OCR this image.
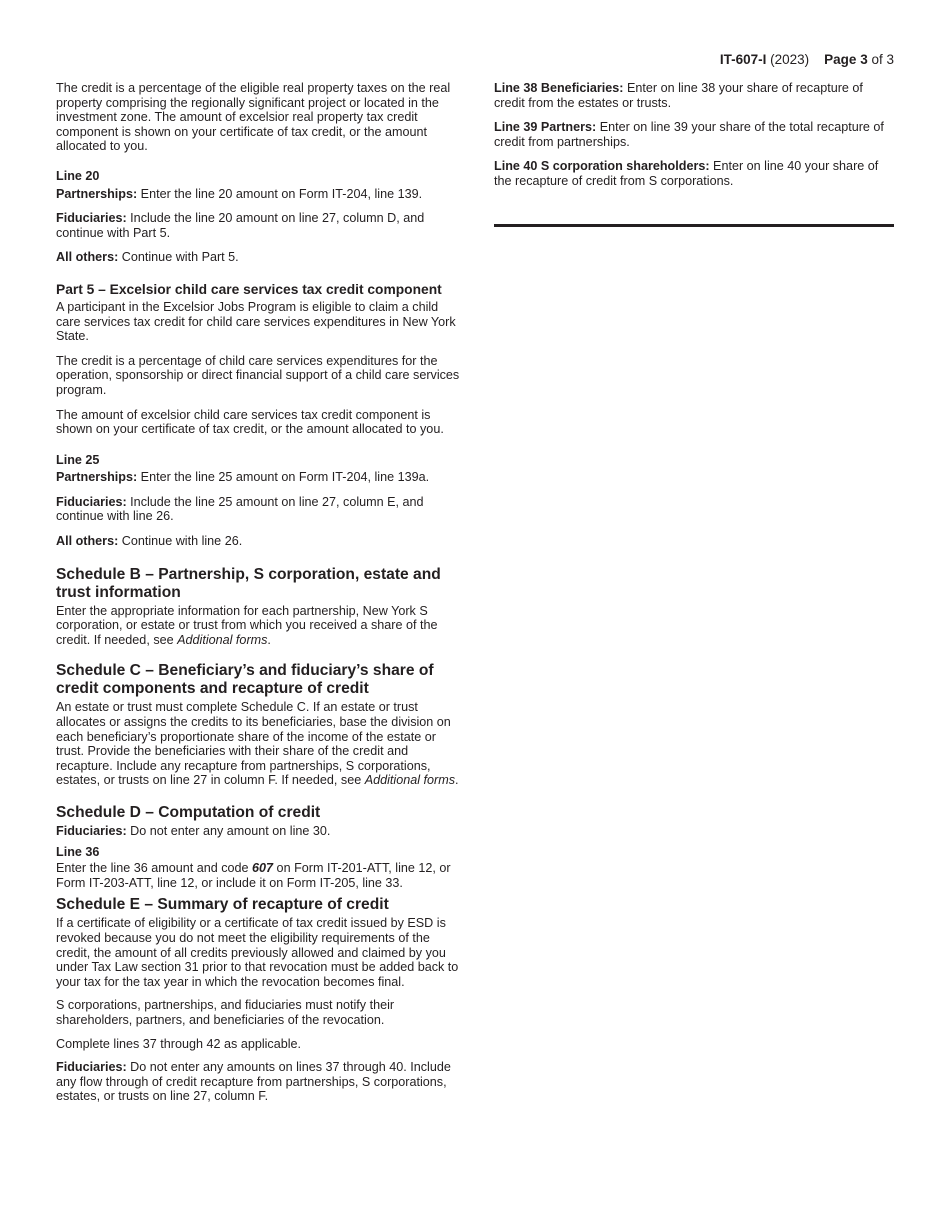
IT-607-I (2023) Page 3 of 3

The credit is a percentage of the eligible real property taxes on the real property comprising the regionally significant project or located in the investment zone. The amount of excelsior real property tax credit component is shown on your certificate of tax credit, or the amount allocated to you.

Line 20

Partnerships: Enter the line 20 amount on Form IT-204, line 139.

Fiduciaries: Include the line 20 amount on line 27, column D, and continue with Part 5.

All others: Continue with Part 5.

Part 5 – Excelsior child care services tax credit component

A participant in the Excelsior Jobs Program is eligible to claim a child care services tax credit for child care services expenditures in New York State.

The credit is a percentage of child care services expenditures for the operation, sponsorship or direct financial support of a child care services program.

The amount of excelsior child care services tax credit component is shown on your certificate of tax credit, or the amount allocated to you.

Line 25

Partnerships: Enter the line 25 amount on Form IT-204, line 139a.

Fiduciaries: Include the line 25 amount on line 27, column E, and continue with line 26.

All others: Continue with line 26.

Schedule B – Partnership, S corporation, estate and trust information

Enter the appropriate information for each partnership, New York S corporation, or estate or trust from which you received a share of the credit. If needed, see Additional forms.

Schedule C – Beneficiary’s and fiduciary’s share of credit components and recapture of credit

An estate or trust must complete Schedule C. If an estate or trust allocates or assigns the credits to its beneficiaries, base the division on each beneficiary’s proportionate share of the income of the estate or trust. Provide the beneficiaries with their share of the credit and recapture. Include any recapture from partnerships, S corporations, estates, or trusts on line 27 in column F. If needed, see Additional forms.

Schedule D – Computation of credit

Fiduciaries: Do not enter any amount on line 30.

Line 36

Enter the line 36 amount and code 607 on Form IT-201-ATT, line 12, or Form IT-203-ATT, line 12, or include it on Form IT-205, line 33.

Schedule E – Summary of recapture of credit

If a certificate of eligibility or a certificate of tax credit issued by ESD is revoked because you do not meet the eligibility requirements of the credit, the amount of all credits previously allowed and claimed by you under Tax Law section 31 prior to that revocation must be added back to your tax for the tax year in which the revocation becomes final.

S corporations, partnerships, and fiduciaries must notify their shareholders, partners, and beneficiaries of the revocation.

Complete lines 37 through 42 as applicable.

Fiduciaries: Do not enter any amounts on lines 37 through 40. Include any flow through of credit recapture from partnerships, S corporations, estates, or trusts on line 27, column F.

Line 38 Beneficiaries: Enter on line 38 your share of recapture of credit from the estates or trusts.

Line 39 Partners: Enter on line 39 your share of the total recapture of credit from partnerships.

Line 40 S corporation shareholders: Enter on line 40 your share of the recapture of credit from S corporations.
